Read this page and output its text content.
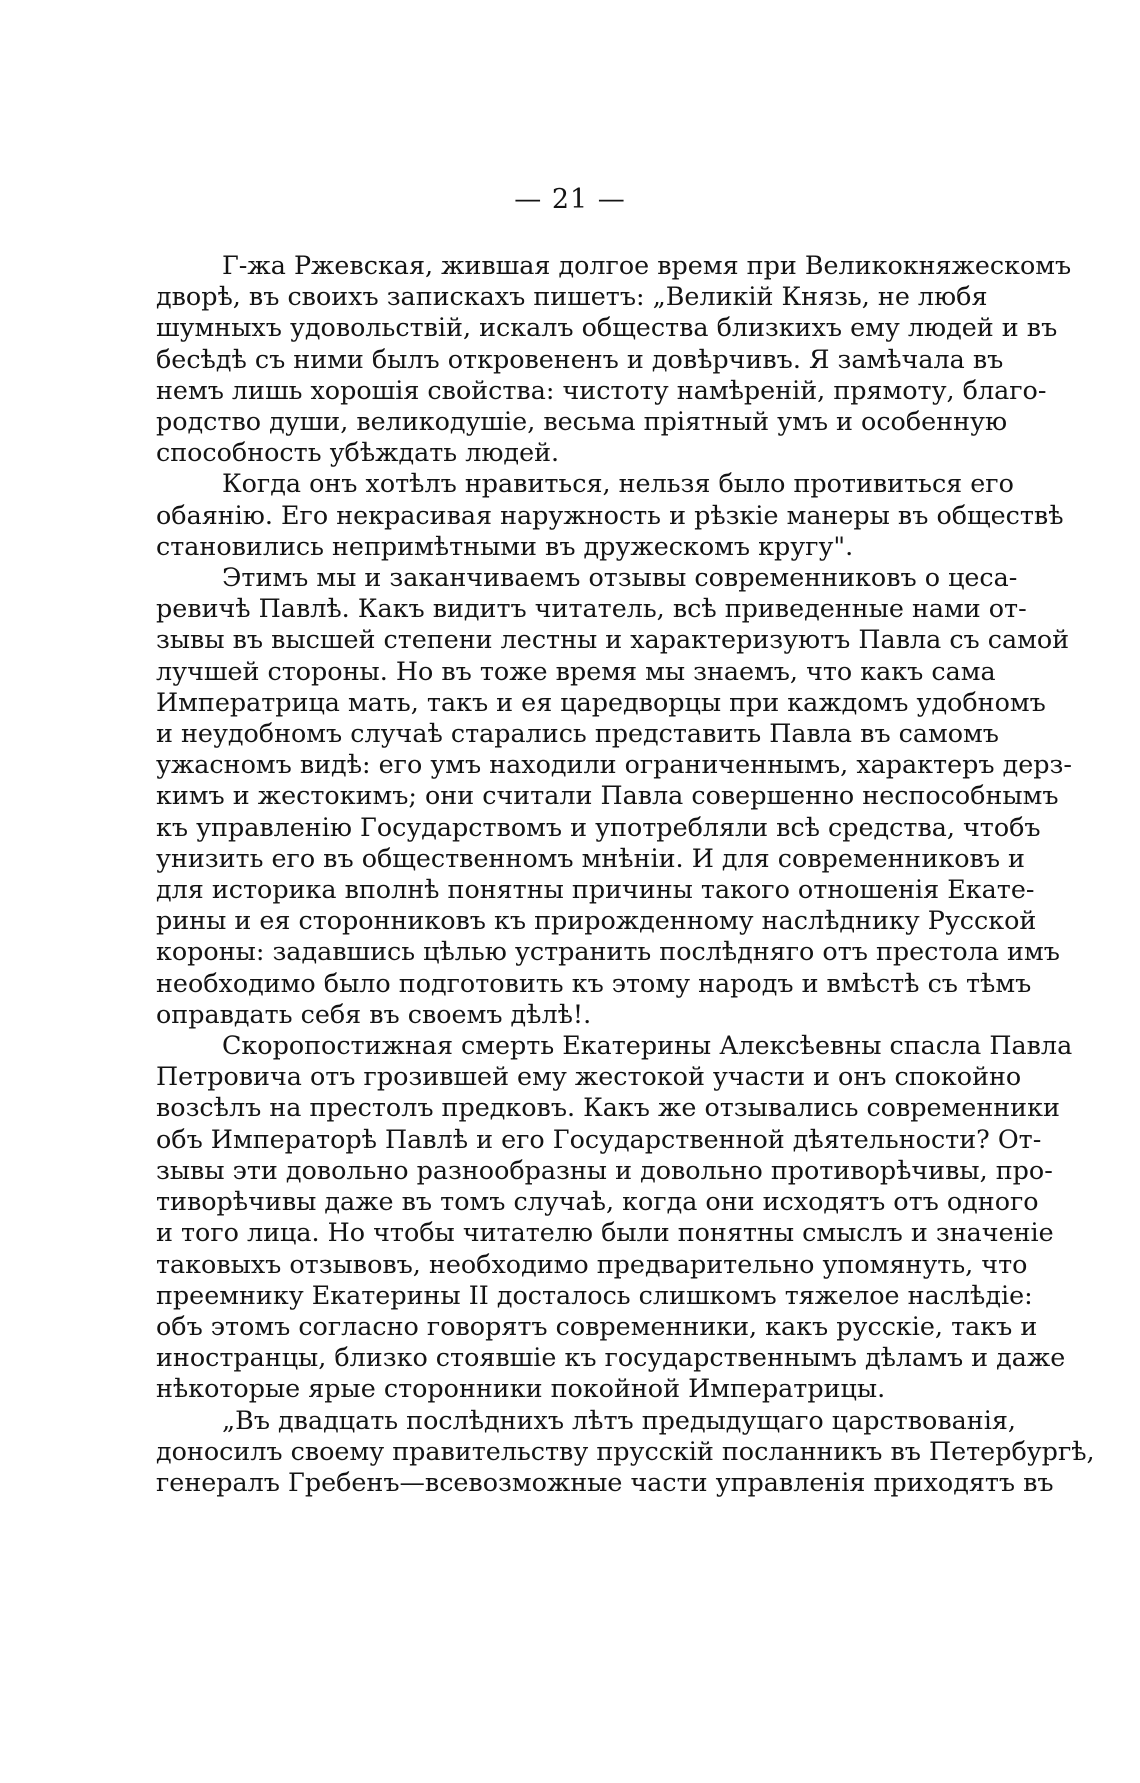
— 21 —
Г-жа Ржевская, жившая долгое время при Великокняжескомъ
дворѣ, въ своихъ запискахъ пишетъ: „Великій Князь, не любя
шумныхъ удовольствій, искалъ общества близкихъ ему людей и въ
бесѣдѣ съ ними былъ откровененъ и довѣрчивъ. Я замѣчала въ
немъ лишь хорошія свойства: чистоту намѣреній, прямоту, благо-
родство души, великодушіе, весьма пріятный умъ и особенную
способность убѣждать людей.
Когда онъ хотѣлъ нравиться, нельзя было противиться его
обаянію. Его некрасивая наружность и рѣзкіе манеры въ обществѣ
становились непримѣтными въ дружескомъ кругу".
Этимъ мы и заканчиваемъ отзывы современниковъ о цеса-
ревичѣ Павлѣ. Какъ видитъ читатель, всѣ приведенные нами от-
зывы въ высшей степени лестны и характеризуютъ Павла съ самой
лучшей стороны. Но въ тоже время мы знаемъ, что какъ сама
Императрица мать, такъ и ея царедворцы при каждомъ удобномъ
и неудобномъ случаѣ старались представить Павла въ самомъ
ужасномъ видѣ: его умъ находили ограниченнымъ, характеръ дерз-
кимъ и жестокимъ; они считали Павла совершенно неспособнымъ
къ управленію Государствомъ и употребляли всѣ средства, чтобъ
унизить его въ общественномъ мнѣніи. И для современниковъ и
для историка вполнѣ понятны причины такого отношенія Екате-
рины и ея сторонниковъ къ прирожденному наслѣднику Русской
короны: задавшись цѣлью устранить послѣдняго отъ престола имъ
необходимо было подготовить къ этому народъ и вмѣстѣ съ тѣмъ
оправдать себя въ своемъ дѣлѣ!.
Скоропостижная смерть Екатерины Алексѣевны спасла Павла
Петровича отъ грозившей ему жестокой участи и онъ спокойно
возсѣлъ на престолъ предковъ. Какъ же отзывались современники
объ Императорѣ Павлѣ и его Государственной дѣятельности? От-
зывы эти довольно разнообразны и довольно противорѣчивы, про-
тиворѣчивы даже въ томъ случаѣ, когда они исходятъ отъ одного
и того лица. Но чтобы читателю были понятны смыслъ и значеніе
таковыхъ отзывовъ, необходимо предварительно упомянуть, что
преемнику Екатерины II досталось слишкомъ тяжелое наслѣдіе:
объ этомъ согласно говорятъ современники, какъ русскіе, такъ и
иностранцы, близко стоявшіе къ государственнымъ дѣламъ и даже
нѣкоторые ярые сторонники покойной Императрицы.
„Въ двадцать послѣднихъ лѣтъ предыдущаго царствованія,
доносилъ своему правительству прусскій посланникъ въ Петербургѣ,
генералъ Гребенъ—всевозможные части управленія приходятъ въ
